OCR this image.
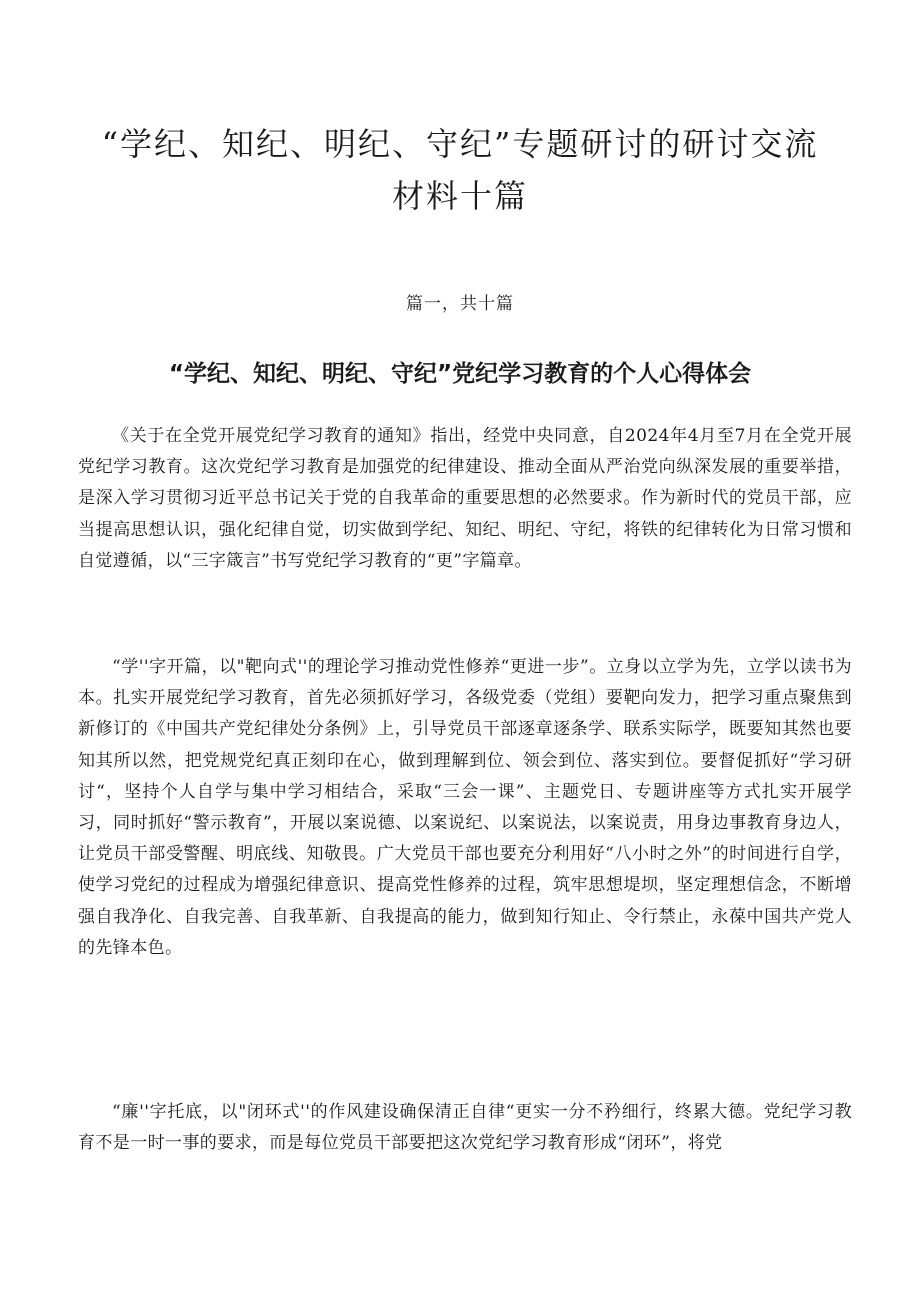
“学纪、知纪、明纪、守纪”专题研讨的研讨交流
材料十篇
篇一，共十篇
“学纪、知纪、明纪、守纪”党纪学习教育的个人心得体会

《关于在全党开展党纪学习教育的通知》指出，经党中央同意，自2024年4月至7月在全党开展党纪学习教育。这次党纪学习教育是加强党的纪律建设、推动全面从严治党向纵深发展的重要举措，是深入学习贯彻习近平总书记关于党的自我革命的重要思想的必然要求。作为新时代的党员干部，应当提高思想认识，强化纪律自觉，切实做到学纪、知纪、明纪、守纪，将铁的纪律转化为日常习惯和自觉遵循，以“三字箴言”书写党纪学习教育的“更”字篇章。

“学''字开篇，以"靶向式''的理论学习推动党性修养“更进一步”。立身以立学为先，立学以读书为本。扎实开展党纪学习教育，首先必须抓好学习，各级党委（党组）要靶向发力，把学习重点聚焦到新修订的《中国共产党纪律处分条例》上，引导党员干部逐章逐条学、联系实际学，既要知其然也要知其所以然，把党规党纪真正刻印在心，做到理解到位、领会到位、落实到位。要督促抓好“学习研讨“，坚持个人自学与集中学习相结合，采取“三会一课”、主题党日、专题讲座等方式扎实开展学习，同时抓好“警示教育”，开展以案说德、以案说纪、以案说法，以案说责，用身边事教育身边人，让党员干部受警醒、明底线、知敬畏。广大党员干部也要充分利用好“八小时之外”的时间进行自学，使学习党纪的过程成为增强纪律意识、提高党性修养的过程，筑牢思想堤坝，坚定理想信念，不断增强自我净化、自我完善、自我革新、自我提高的能力，做到知行知止、令行禁止，永葆中国共产党人的先锋本色。

“廉''字托底，以"闭环式''的作风建设确保清正自律“更实一分不矜细行，终累大德。党纪学习教育不是一时一事的要求，而是每位党员干部要把这次党纪学习教育形成“闭环”，将党
